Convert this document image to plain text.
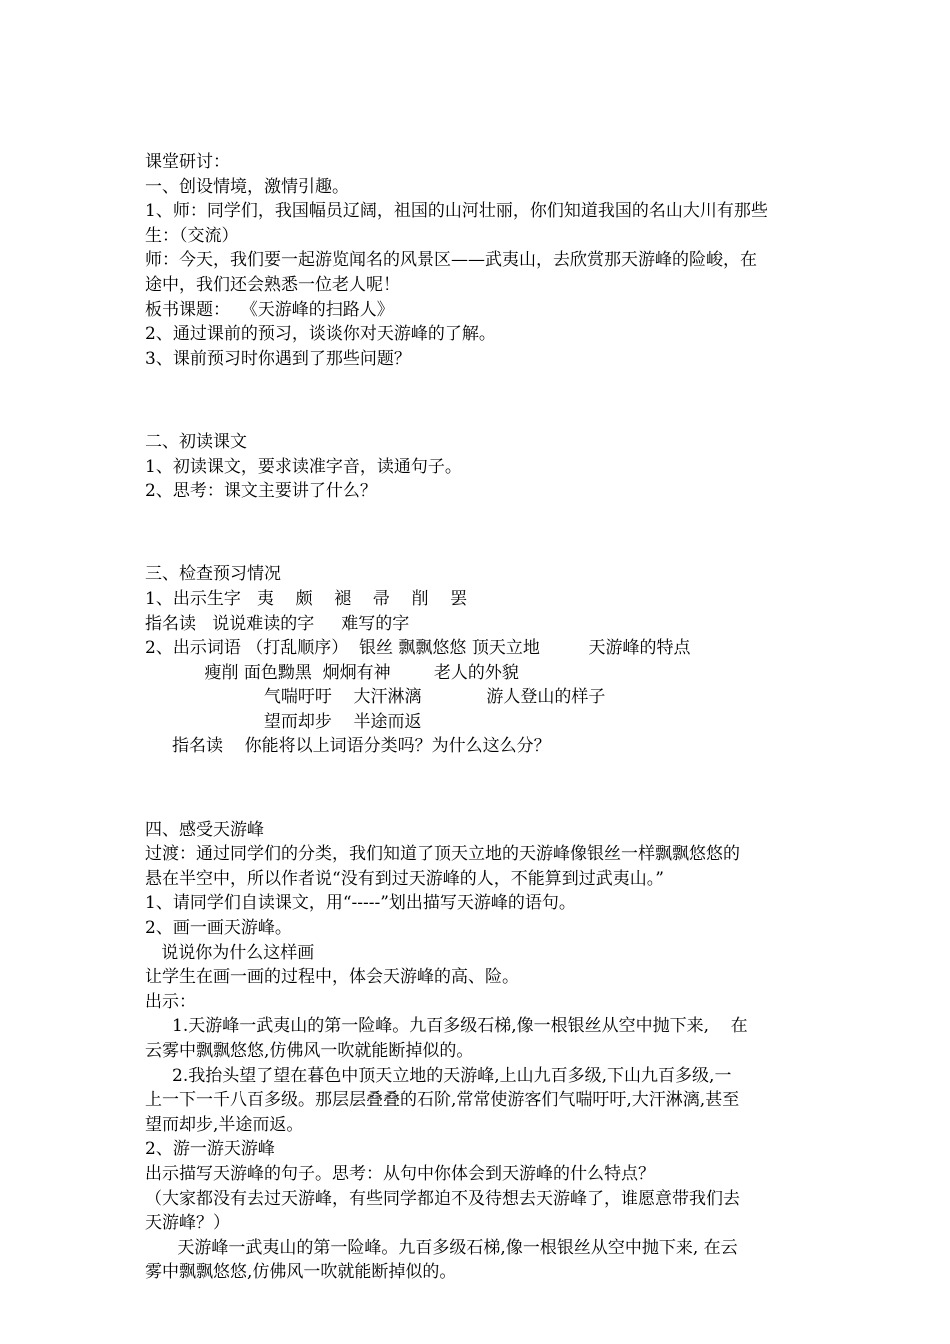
课堂研讨：

一、创设情境，激情引趣。

1、师：同学们，我国幅员辽阔，祖国的山河壮丽，你们知道我国的名山大川有那些

生：（交流）

师：今天，我们要一起游览闻名的风景区——武夷山，去欣赏那天游峰的险峻，在

途中，我们还会熟悉一位老人呢！

板书课题：  《天游峰的扫路人》

2、通过课前的预习，谈谈你对天游峰的了解。

3、课前预习时你遇到了那些问题？

二、初读课文

1、初读课文，要求读准字音，读通句子。

2、思考：课文主要讲了什么？

三、检查预习情况

1、出示生字   夷    颇    褪    帚    削    罢

指名读   说说难读的字     难写的字

2、出示词语 （打乱顺序）  银丝 飘飘悠悠 顶天立地         天游峰的特点

瘦削 面色黝黑  炯炯有神        老人的外貌

气喘吁吁    大汗淋漓            游人登山的样子

望而却步    半途而返

指名读    你能将以上词语分类吗？为什么这么分？

四、感受天游峰

过渡：通过同学们的分类，我们知道了顶天立地的天游峰像银丝一样飘飘悠悠的

悬在半空中，所以作者说“没有到过天游峰的人，不能算到过武夷山。”

1、请同学们自读课文，用“-----”划出描写天游峰的语句。

2、画一画天游峰。

说说你为什么这样画

让学生在画一画的过程中，体会天游峰的高、险。

出示：

1.天游峰一武夷山的第一险峰。九百多级石梯,像一根银丝从空中抛下来,    在

云雾中飘飘悠悠,仿佛风一吹就能断掉似的。

2.我抬头望了望在暮色中顶天立地的天游峰,上山九百多级,下山九百多级,一

上一下一千八百多级。那层层叠叠的石阶,常常使游客们气喘吁吁,大汗淋漓,甚至

望而却步,半途而返。

2、游一游天游峰

出示描写天游峰的句子。思考：从句中你体会到天游峰的什么特点？

（大家都没有去过天游峰，有些同学都迫不及待想去天游峰了，谁愿意带我们去

天游峰？）

天游峰一武夷山的第一险峰。九百多级石梯,像一根银丝从空中抛下来, 在云

雾中飘飘悠悠,仿佛风一吹就能断掉似的。
